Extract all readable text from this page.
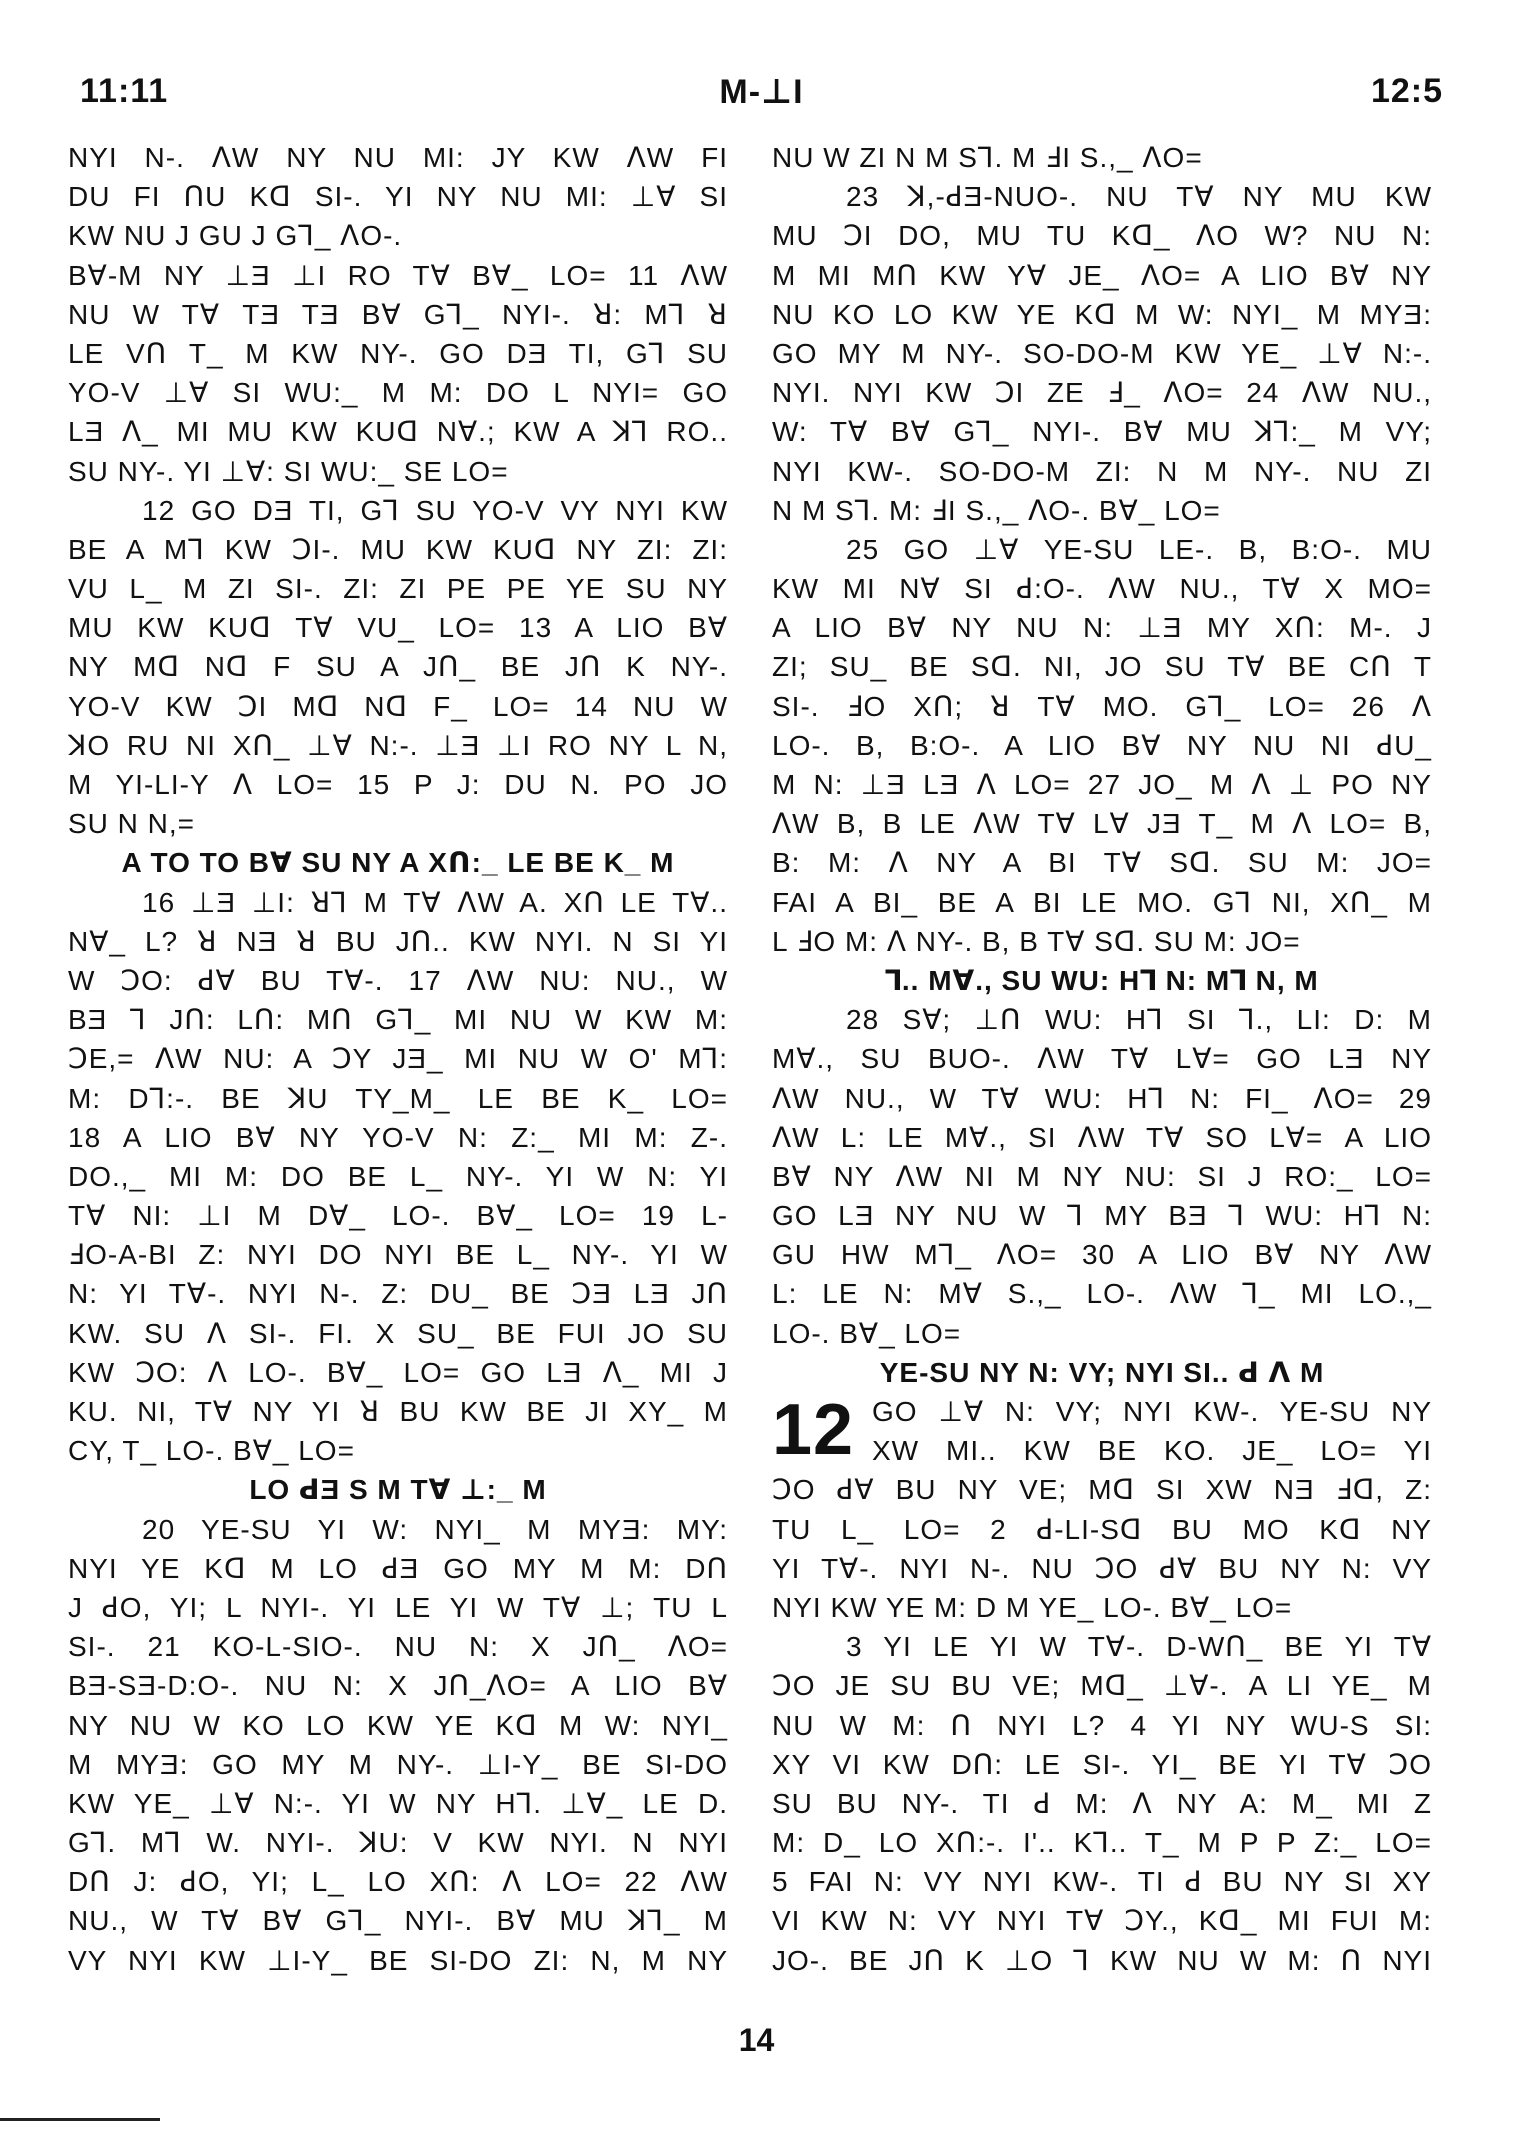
11:11	M-⊥I	12:5
NYI N-. ꓥW NY NU MI: JY KW ꓥW FI
DU FI ꓵU Kꓷ SI-. YI NY NU MI: ⊥ꓯ SI
KW NU J GU J G⅂_ ꓥO-.
Bꓯ-M NY ⊥Ǝ ⊥I RO Tꓯ Bꓯ_ LO= 11 ꓥW
NU W Tꓯ TƎ TƎ Bꓯ G⅂_ NYI-. ꓤ: M⅂ ꓤ
LE Vꓵ T_ M KW NY-. GO DƎ TI, G⅂ SU
YO-V ⊥ꓯ SI WU:_ M M: DO L NYI= GO
LƎ ꓥ_ MI MU KW KUꓷ Nꓯ.; KW A ꓘ⅂ RO..
SU NY-. YI ⊥ꓯ: SI WU:_ SE LO=
12 GO DƎ TI, G⅂ SU YO-V VY NYI KW
BE A M⅂ KW ꓛI-. MU KW KUꓷ NY ZI: ZI:
VU L_ M ZI SI-. ZI: ZI PE PE YE SU NY
MU KW KUꓷ Tꓯ VU_ LO= 13 A LIO Bꓯ
NY Mꓷ Nꓷ F SU A Jꓵ_ BE Jꓵ K NY-.
YO-V KW ꓛI Mꓷ Nꓷ F_ LO= 14 NU W
ꓘO RU NI Xꓵ_ ⊥ꓯ N:-. ⊥Ǝ ⊥I RO NY L N,
M YI-LI-Y ꓥ LO= 15 P J: DU N. PO JO
SU N N,=
A TO TO Bꓯ SU NY A Xꓵ:_ LE BE K_ M
16 ⊥Ǝ ⊥I: ꓤ⅂ M Tꓯ ꓥW A. Xꓵ LE Tꓯ..
Nꓯ_ L? ꓤ NƎ ꓤ BU Jꓵ.. KW NYI. N SI YI
W ꓛO: ꓒꓯ BU Tꓯ-. 17 ꓥW NU: NU., W
BƎ ⅂ Jꓵ: Lꓵ: Mꓵ G⅂_ MI NU W KW M:
ꓛE,= ꓥW NU: A ꓛY JƎ_ MI NU W O' M⅂:
M: D⅂:-. BE ꓘU TY_M_ LE BE K_ LO=
18 A LIO Bꓯ NY YO-V N: Z:_ MI M: Z-.
DO.,_ MI M: DO BE L_ NY-. YI W N: YI
Tꓯ NI: ⊥I M Dꓯ_ LO-. Bꓯ_ LO= 19 L-
ꓞO-A-BI Z: NYI DO NYI BE L_ NY-. YI W
N: YI Tꓯ-. NYI N-. Z: DU_ BE ꓛƎ LƎ Jꓵ
KW. SU ꓥ SI-. FI. X SU_ BE FUI JO SU
KW ꓛO: ꓥ LO-. Bꓯ_ LO= GO LƎ ꓥ_ MI J
KU. NI, Tꓯ NY YI ꓤ BU KW BE JI XY_ M
CY, T_ LO-. Bꓯ_ LO=
LO ꓒƎ S M Tꓯ ⊥:_ M
20 YE-SU YI W: NYI_ M MYƎ: MY:
NYI YE Kꓷ M LO ꓒƎ GO MY M M: Dꓵ
J ꓒO, YI; L NYI-. YI LE YI W Tꓯ ⊥; TU L
SI-. 21 KO-L-SIO-. NU N: X Jꓵ_ ꓥO=
BƎ-SƎ-D:O-. NU N: X Jꓵ_ꓥO= A LIO Bꓯ
NY NU W KO LO KW YE Kꓷ M W: NYI_
M MYƎ: GO MY M NY-. ⊥I-Y_ BE SI-DO
KW YE_ ⊥ꓯ N:-. YI W NY H⅂. ⊥ꓯ_ LE D.
G⅂. M⅂ W. NYI-. ꓘU: V KW NYI. N NYI
Dꓵ J: ꓒO, YI; L_ LO Xꓵ: ꓥ LO= 22 ꓥW
NU., W Tꓯ Bꓯ G⅂_ NYI-. Bꓯ MU ꓘ⅂_ M
VY NYI KW ⊥I-Y_ BE SI-DO ZI: N, M NY
NU W ZI N M S⅂. M ꓞI S.,_ ꓥO=
23 ꓘ,-ꓒƎ-NUO-. NU Tꓯ NY MU KW
MU ꓛI DO, MU TU Kꓷ_ ꓥO W? NU N:
M MI Mꓵ KW Yꓯ JE_ ꓥO= A LIO Bꓯ NY
NU KO LO KW YE Kꓷ M W: NYI_ M MYƎ:
GO MY M NY-. SO-DO-M KW YE_ ⊥ꓯ N:-.
NYI. NYI KW ꓛI ZE ꓞ_ ꓥO= 24 ꓥW NU.,
W: Tꓯ Bꓯ G⅂_ NYI-. Bꓯ MU ꓘ⅂:_ M VY;
NYI KW-. SO-DO-M ZI: N M NY-. NU ZI
N M S⅂. M: ꓞI S.,_ ꓥO-. Bꓯ_ LO=
25 GO ⊥ꓯ YE-SU LE-. B, B:O-. MU
KW MI Nꓯ SI ꓒ:O-. ꓥW NU., Tꓯ X MO=
A LIO Bꓯ NY NU N: ⊥Ǝ MY Xꓵ: M-. J
ZI; SU_ BE Sꓷ. NI, JO SU Tꓯ BE Cꓵ T
SI-. ꓞO Xꓵ; ꓤ Tꓯ MO. G⅂_ LO= 26 ꓥ
LO-. B, B:O-. A LIO Bꓯ NY NU NI ꓒU_
M N: ⊥Ǝ LƎ ꓥ LO= 27 JO_ M ꓥ ⊥ PO NY
ꓥW B, B LE ꓥW Tꓯ Lꓯ JƎ T_ M ꓥ LO= B,
B: M: ꓥ NY A BI Tꓯ Sꓷ. SU M: JO=
FAI A BI_ BE A BI LE MO. G⅂ NI, Xꓵ_ M
L ꓞO M: ꓥ NY-. B, B Tꓯ Sꓷ. SU M: JO=
⅂.. Mꓯ., SU WU: H⅂ N: M⅂ N, M
28 Sꓯ; ⊥ꓵ WU: H⅂ SI ⅂., LI: D: M
Mꓯ., SU BUO-. ꓥW Tꓯ Lꓯ= GO LƎ NY
ꓥW NU., W Tꓯ WU: H⅂ N: FI_ ꓥO= 29
ꓥW L: LE Mꓯ., SI ꓥW Tꓯ SO Lꓯ= A LIO
Bꓯ NY ꓥW NI M NY NU: SI J RO:_ LO=
GO LƎ NY NU W ⅂ MY BƎ ⅂ WU: H⅂ N:
GU HW M⅂_ ꓥO= 30 A LIO Bꓯ NY ꓥW
L: LE N: Mꓯ S.,_ LO-. ꓥW ⅂_ MI LO.,_
LO-. Bꓯ_ LO=
YE-SU NY N: VY; NYI SI.. ꓒ ꓥ M
12 GO ⊥ꓯ N: VY; NYI KW-. YE-SU NY
XW MI.. KW BE KO. JE_ LO= YI
ꓛO ꓒꓯ BU NY VE; Mꓷ SI XW NƎ ꓞꓷ, Z:
TU L_ LO= 2 ꓒ-LI-Sꓷ BU MO Kꓷ NY
YI Tꓯ-. NYI N-. NU ꓛO ꓒꓯ BU NY N: VY
NYI KW YE M: D M YE_ LO-. Bꓯ_ LO=
3 YI LE YI W Tꓯ-. D-Wꓵ_ BE YI Tꓯ
ꓛO JE SU BU VE; Mꓷ_ ⊥ꓯ-. A LI YE_ M
NU W M: ꓵ NYI L? 4 YI NY WU-S SI:
XY VI KW Dꓵ: LE SI-. YI_ BE YI Tꓯ ꓛO
SU BU NY-. TI ꓒ M: ꓥ NY A: M_ MI Z
M: D_ LO Xꓵ:-. I'.. K⅂.. T_ M P P Z:_ LO=
5 FAI N: VY NYI KW-. TI ꓒ BU NY SI XY
VI KW N: VY NYI Tꓯ ꓛY., Kꓷ_ MI FUI M:
JO-. BE Jꓵ K ⊥O ⅂ KW NU W M: ꓵ NYI
14
